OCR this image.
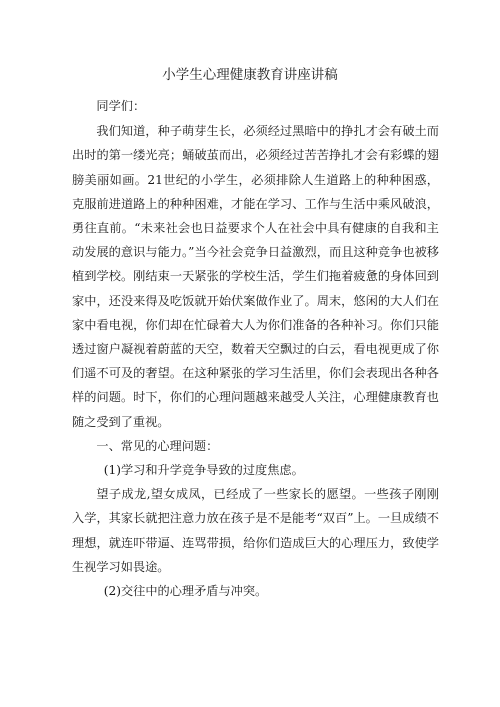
小学生心理健康教育讲座讲稿

同学们：

我们知道，种子萌芽生长，必须经过黑暗中的挣扎才会有破土而出时的第一缕光亮；蛹破茧而出，必须经过苦苦挣扎才会有彩蝶的翅膀美丽如画。21世纪的小学生，必须排除人生道路上的种种困惑，克服前进道路上的种种困难，才能在学习、工作与生活中乘风破浪，勇往直前。“未来社会也日益要求个人在社会中具有健康的自我和主动发展的意识与能力。”当今社会竞争日益激烈，而且这种竞争也被移植到学校。刚结束一天紧张的学校生活，学生们拖着疲惫的身体回到家中，还没来得及吃饭就开始伏案做作业了。周末，悠闲的大人们在家中看电视，你们却在忙碌着大人为你们准备的各种补习。你们只能透过窗户凝视着蔚蓝的天空，数着天空飘过的白云，看电视更成了你们遥不可及的奢望。在这种紧张的学习生活里，你们会表现出各种各样的问题。时下，你们的心理问题越来越受人关注，心理健康教育也随之受到了重视。

一、常见的心理问题：

(1)学习和升学竞争导致的过度焦虑。

望子成龙,望女成凤，已经成了一些家长的愿望。一些孩子刚刚入学，其家长就把注意力放在孩子是不是能考“双百”上。一旦成绩不理想，就连吓带逼、连骂带损，给你们造成巨大的心理压力，致使学生视学习如畏途。

(2)交往中的心理矛盾与冲突。
